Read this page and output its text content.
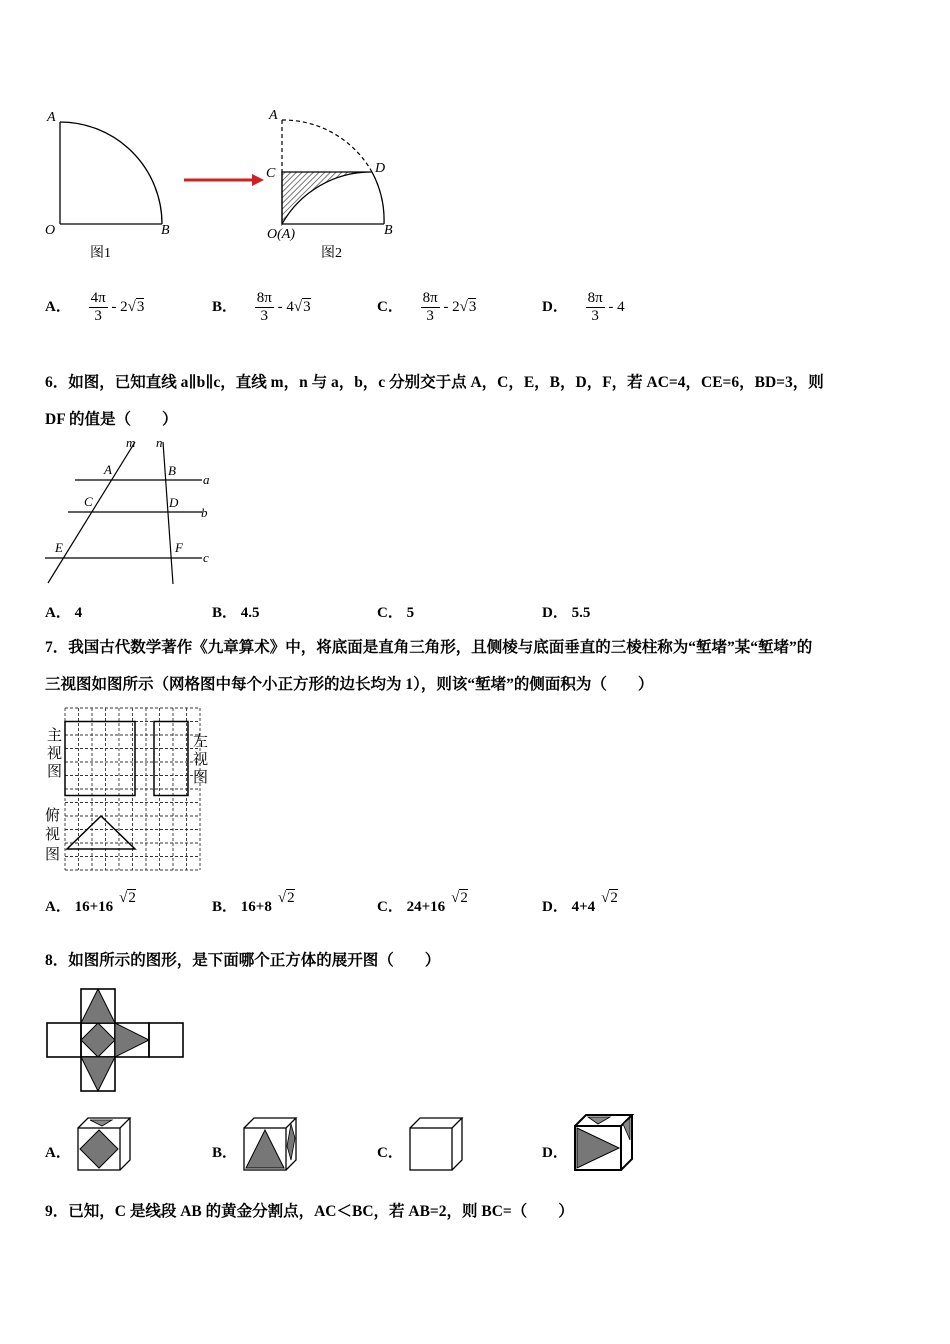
A
O	B
图1
A
C	D
O(A)	B
图2
A． $\frac{4\pi}{3} - 2√3$	B． $\frac{8\pi}{3} - 4√3$	C． $\frac{8\pi}{3} - 2√3$	D． $\frac{8\pi}{3} - 4$
6．如图，已知直线 a∥b∥c，直线 m，n 与 a，b，c 分别交于点 A，C，E，B，D，F，若 AC=4，CE=6，BD=3，则
DF 的值是（　　）
m n
A	B
C	D
E	F
a
b
c
A． 4	B． 4.5	C． 5	D． 5.5
7．我国古代数学著作《九章算术》中，将底面是直角三角形，且侧棱与底面垂直的三棱柱称为“堑堵”某“堑堵”的
三视图如图所示（网格图中每个小正方形的边长均为 1），则该“堑堵”的侧面积为（　　）
主
视
图
左
视
图
俯
视
图
A． 16+16√2
B． 16+8√2
C． 24+16√2
D． 4+4√2
8．如图所示的图形，是下面哪个正方体的展开图（　　）
A．	B．	C．	D．
9．已知，C 是线段 AB 的黄金分割点，AC＜BC，若 AB=2，则 BC=（　　）
